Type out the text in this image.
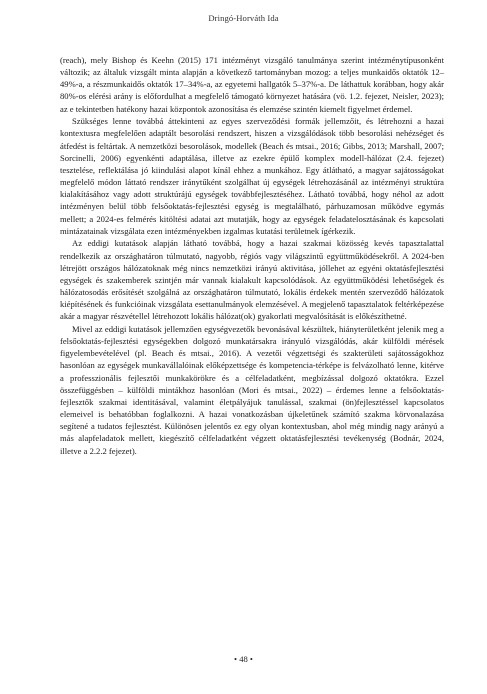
Dringó-Horváth Ida

(reach), mely Bishop és Keehn (2015) 171 intézményt vizsgáló tanulmánya szerint intézménytípusonként változik; az általuk vizsgált minta alapján a következő tartományban mozog: a teljes munkaidős oktatók 12–49%-a, a részmunkaidős oktatók 17–34%-a, az egyetemi hallgatók 5–37%-a. De láthattuk korábban, hogy akár 80%-os elérési arány is előfordulhat a megfelelő támogató környezet hatására (vö. 1.2. fejezet, Neisler, 2023); az e tekintetben hatékony hazai központok azonosítása és elemzése szintén kiemelt figyelmet érdemel.

Szükséges lenne továbbá áttekinteni az egyes szerveződési formák jellemzőit, és létrehozni a hazai kontextusra megfelelően adaptált besorolási rendszert, hiszen a vizsgálódások több besorolási nehézséget és átfedést is feltártak. A nemzetközi besorolások, modellek (Beach és mtsai., 2016; Gibbs, 2013; Marshall, 2007; Sorcinelli, 2006) egyenkénti adaptálása, illetve az ezekre épülő komplex modell-hálózat (2.4. fejezet) tesztelése, reflektálása jó kiindulási alapot kínál ehhez a munkához. Egy átlátható, a magyar sajátosságokat megfelelő módon láttató rendszer iránytűként szolgálhat új egységek létrehozásánál az intézményi struktúra kialakításához vagy adott struktúrájú egységek továbbfejlesztéséhez. Látható továbbá, hogy néhol az adott intézményen belül több felsőoktatás-fejlesztési egység is megtalálható, párhuzamosan működve egymás mellett; a 2024-es felmérés kitöltési adatai azt mutatják, hogy az egységek feladatelosztásának és kapcsolati mintázatainak vizsgálata ezen intézményekben izgalmas kutatási területnek ígérkezik.

Az eddigi kutatások alapján látható továbbá, hogy a hazai szakmai közösség kevés tapasztalattal rendelkezik az országhatáron túlmutató, nagyobb, régiós vagy világszintű együttműködésekről. A 2024-ben létrejött országos hálózatoknak még nincs nemzetközi irányú aktivitása, jóllehet az egyéni oktatásfejlesztési egységek és szakemberek szintjén már vannak kialakult kapcsolódások. Az együttműködési lehetőségek és hálózatosodás erősítését szolgálná az országhatáron túlmutató, lokális érdekek mentén szerveződő hálózatok kiépítésének és funkcióinak vizsgálata esettanulmányok elemzésével. A megjelenő tapasztalatok feltérképezése akár a magyar részvétellel létrehozott lokális hálózat(ok) gyakorlati megvalósítását is előkészíthetné.

Mivel az eddigi kutatások jellemzően egységvezetők bevonásával készültek, hiányterületként jelenik meg a felsőoktatás-fejlesztési egységekben dolgozó munkatársakra irányuló vizsgálódás, akár külföldi mérések figyelembevételével (pl. Beach és mtsai., 2016). A vezetői végzettségi és szakterületi sajátosságokhoz hasonlóan az egységek munkavállalóinak előképzettsége és kompetencia-térképe is felvázolható lenne, kitérve a professzionális fejlesztői munkakörökre és a célfeladatként, megbízással dolgozó oktatókra. Ezzel összefüggésben – külföldi mintákhoz hasonlóan (Mori és mtsai., 2022) – érdemes lenne a felsőoktatás-fejlesztők szakmai identitásával, valamint életpályájuk tanulással, szakmai (ön)fejlesztéssel kapcsolatos elemeivel is behatóbban foglalkozni. A hazai vonatkozásban újkeletűnek számító szakma körvonalazása segítené a tudatos fejlesztést. Különösen jelentős ez egy olyan kontextusban, ahol még mindig nagy arányú a más alapfeladatok mellett, kiegészítő célfeladatként végzett oktatásfejlesztési tevékenység (Bodnár, 2024, illetve a 2.2.2 fejezet).

• 48 •
